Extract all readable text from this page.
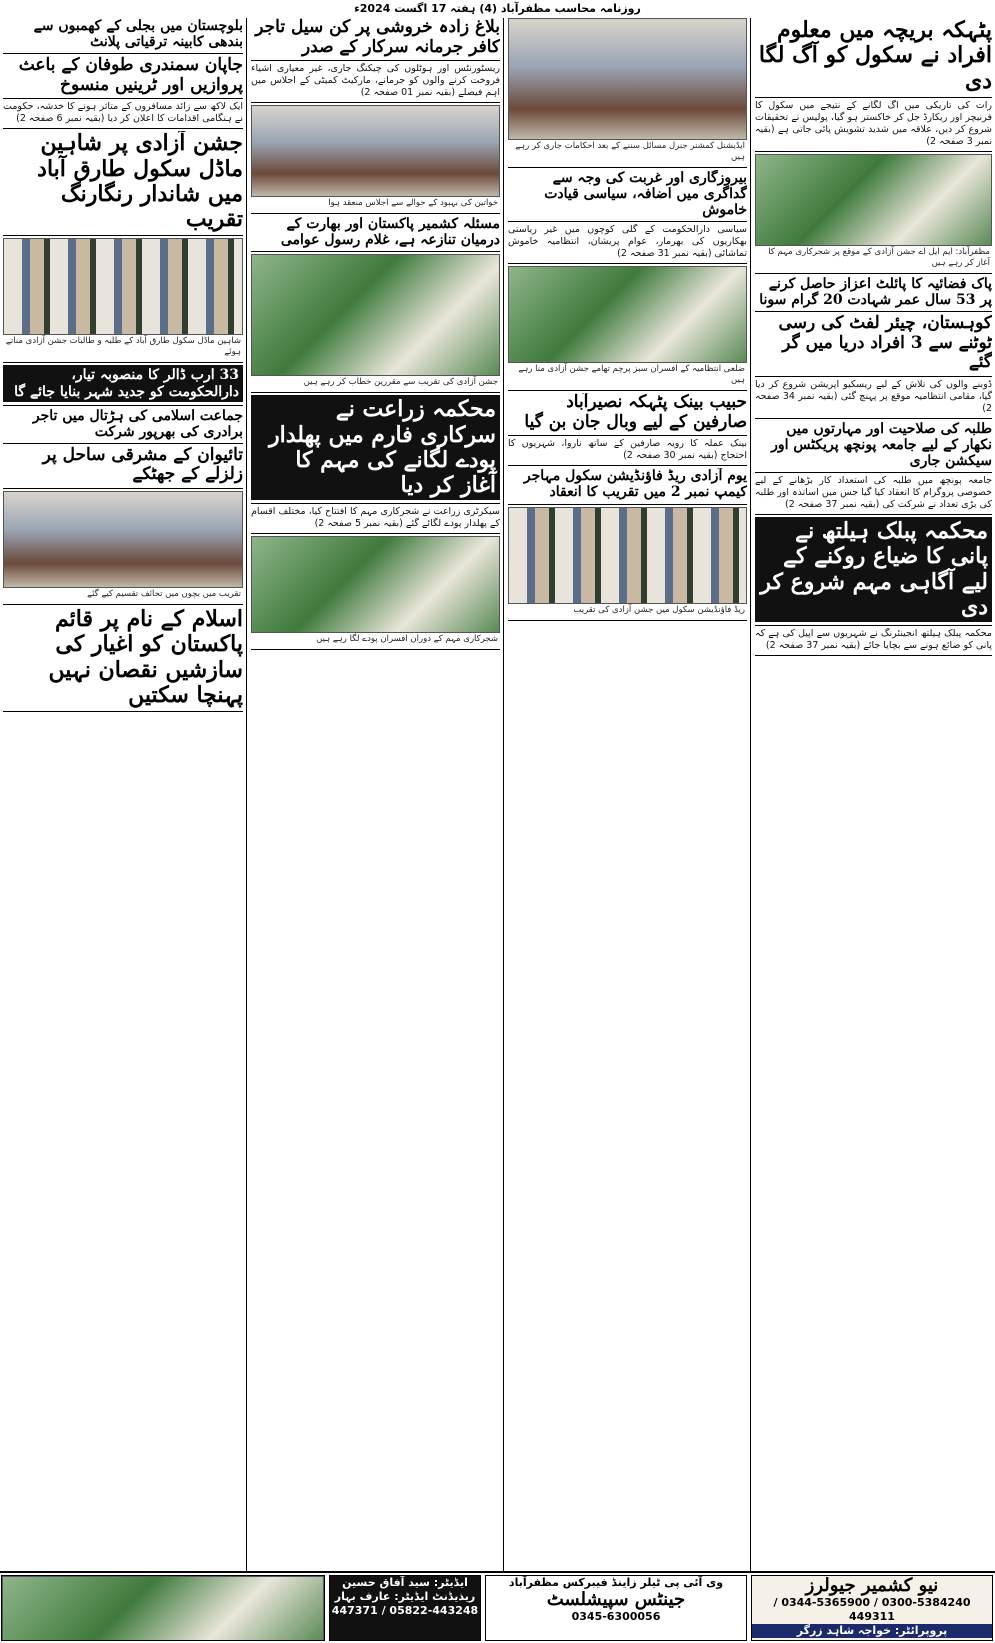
روزنامہ محاسب مظفرآباد (4) ہفتہ 17 اگست 2024ء
پٹہکہ بریچہ میں معلوم افراد نے سکول کو آگ لگا دی
رات کی تاریکی میں آگ لگانے کے نتیجے میں سکول کا فرنیچر اور ریکارڈ جل کر خاکستر ہو گیا، پولیس نے تحقیقات شروع کر دیں، علاقہ میں شدید تشویش پائی جاتی ہے (بقیہ نمبر 3 صفحہ 2)
مظفرآباد: ایم ایل اے جشن آزادی کے موقع پر شجرکاری مہم کا آغاز کر رہے ہیں
پاک فضائیہ کا پائلٹ اعزاز حاصل کرنے پر 53 سال عمر شہادت 20 گرام سونا
کوہستان، چیئر لفٹ کی رسی ٹوٹنے سے 3 افراد دریا میں گر گئے
ڈوبنے والوں کی تلاش کے لیے ریسکیو آپریشن شروع کر دیا گیا، مقامی انتظامیہ موقع پر پہنچ گئی (بقیہ نمبر 34 صفحہ 2)
طلبہ کی صلاحیت اور مہارتوں میں نکھار کے لیے جامعہ پونچھ پریکٹس اور سیکشن جاری
جامعہ پونچھ میں طلبہ کی استعداد کار بڑھانے کے لیے خصوصی پروگرام کا انعقاد کیا گیا جس میں اساتذہ اور طلبہ کی بڑی تعداد نے شرکت کی (بقیہ نمبر 37 صفحہ 2)
محکمہ پبلک ہیلتھ نے پانی کا ضیاع روکنے کے لیے آگاہی مہم شروع کر دی
محکمہ پبلک ہیلتھ انجینئرنگ نے شہریوں سے اپیل کی ہے کہ پانی کو ضائع ہونے سے بچایا جائے (بقیہ نمبر 37 صفحہ 2)
ایڈیشنل کمشنر جنرل مسائل سننے کے بعد احکامات جاری کر رہے ہیں
بیروزگاری اور غربت کی وجہ سے گداگری میں اضافہ، سیاسی قیادت خاموش
سیاسی دارالحکومت کے گلی کوچوں میں غیر ریاستی بھکاریوں کی بھرمار، عوام پریشان، انتظامیہ خاموش تماشائی (بقیہ نمبر 31 صفحہ 2)
ضلعی انتظامیہ کے افسران سبز پرچم تھامے جشن آزادی منا رہے ہیں
حبیب بینک پٹہکہ نصیرآباد صارفین کے لیے وبال جان بن گیا
بینک عملہ کا رویہ صارفین کے ساتھ ناروا، شہریوں کا احتجاج (بقیہ نمبر 30 صفحہ 2)
یوم آزادی ریڈ فاؤنڈیشن سکول مہاجر کیمپ نمبر 2 میں تقریب کا انعقاد
ریڈ فاؤنڈیشن سکول میں جشن آزادی کی تقریب
بلاغ زادہ خروشی پر کن سیل تاجر کافر جرمانہ سرکار کے صدر
ریسٹورنٹس اور ہوٹلوں کی چیکنگ جاری، غیر معیاری اشیاء فروخت کرنے والوں کو جرمانے، مارکیٹ کمیٹی کے اجلاس میں اہم فیصلے (بقیہ نمبر 01 صفحہ 2)
خواتین کی بہبود کے حوالے سے اجلاس منعقد ہوا
مسئلہ کشمیر پاکستان اور بھارت کے درمیان تنازعہ ہے، غلام رسول عوامی
جشن آزادی کی تقریب سے مقررین خطاب کر رہے ہیں
محکمہ زراعت نے سرکاری فارم میں پھلدار پودے لگانے کی مہم کا آغاز کر دیا
سیکرٹری زراعت نے شجرکاری مہم کا افتتاح کیا، مختلف اقسام کے پھلدار پودے لگائے گئے (بقیہ نمبر 5 صفحہ 2)
شجرکاری مہم کے دوران افسران پودے لگا رہے ہیں
بلوچستان میں بجلی کے کھمبوں سے بندھی کابینہ ترقیاتی پلانٹ
جاپان سمندری طوفان کے باعث پروازیں اور ٹرینیں منسوخ
ایک لاکھ سے زائد مسافروں کے متاثر ہونے کا خدشہ، حکومت نے ہنگامی اقدامات کا اعلان کر دیا (بقیہ نمبر 6 صفحہ 2)
جشن آزادی پر شاہین ماڈل سکول طارق آباد میں شاندار رنگارنگ تقریب
شاہین ماڈل سکول طارق آباد کے طلبہ و طالبات جشن آزادی مناتے ہوئے
33 ارب ڈالر کا منصوبہ تیار، دارالحکومت کو جدید شہر بنایا جائے گا
جماعت اسلامی کی ہڑتال میں تاجر برادری کی بھرپور شرکت
تائیوان کے مشرقی ساحل پر زلزلے کے جھٹکے
تقریب میں بچوں میں تحائف تقسیم کیے گئے
اسلام کے نام پر قائم پاکستان کو اغیار کی سازشیں نقصان نہیں پہنچا سکتیں
نیو کشمیر جیولرز
0300-5384240 / 0344-5365900 / 449311
پروپرائٹر: خواجہ شاہد زرگر
وی آئی پی ٹیلر زاینڈ فیبرکس مظفرآباد
جینٹس سپیشلسٹ
0345-6300056
ایڈیٹر: سید آفاق حسین
ریذیڈنٹ ایڈیٹر: عارف بہار
05822-443248 / 447371
